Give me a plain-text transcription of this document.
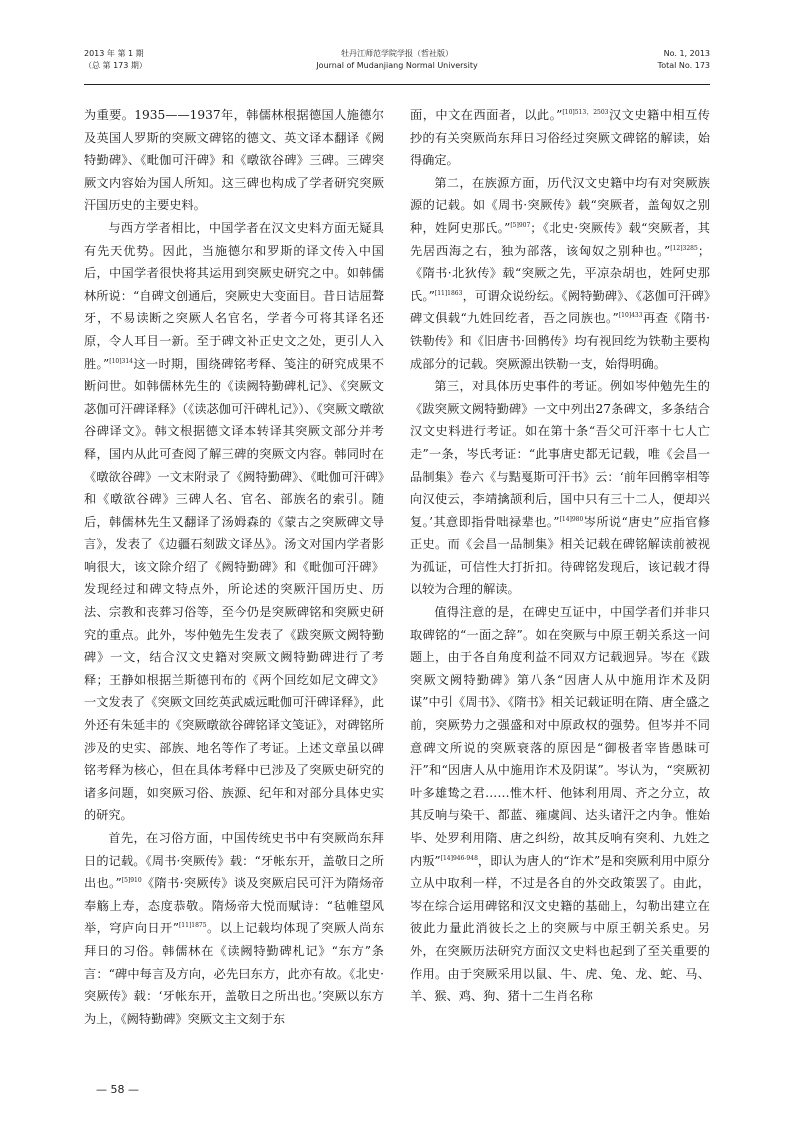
2013 年 第 1 期
（总 第 173 期）
牡丹江师范学院学报（哲社版）
Journal of Mudanjiang Normal University
No. 1, 2013
Total No. 173

为重要。1935——1937年，韩儒林根据德国人施德尔及英国人罗斯的突厥文碑铭的德文、英文译本翻译《阙特勤碑》、《毗伽可汗碑》和《暾欲谷碑》三碑。三碑突厥文内容始为国人所知。这三碑也构成了学者研究突厥汗国历史的主要史料。

与西方学者相比，中国学者在汉文史料方面无疑具有先天优势。因此，当施德尔和罗斯的译文传入中国后，中国学者很快将其运用到突厥史研究之中。如韩儒林所说：“自碑文创通后，突厥史大变面目。昔日诘屈聱牙，不易读断之突厥人名官名，学者今可将其译名还原，令人耳目一新。至于碑文补正史文之处，更引人入胜。”$^{[10]314}$这一时期，围绕碑铭考释、笺注的研究成果不断问世。如韩儒林先生的《读阙特勤碑札记》、《突厥文苾伽可汗碑译释》（《读苾伽可汗碑札记》）、《突厥文暾欲谷碑译文》。韩文根据德文译本转译其突厥文部分并考释，国内从此可查阅了解三碑的突厥文内容。韩同时在《暾欲谷碑》一文末附录了《阙特勤碑》、《毗伽可汗碑》和《暾欲谷碑》三碑人名、官名、部族名的索引。随后，韩儒林先生又翻译了汤姆森的《蒙古之突厥碑文导言》，发表了《边疆石刻跋文译丛》。汤文对国内学者影响很大，该文除介绍了《阙特勤碑》和《毗伽可汗碑》发现经过和碑文特点外，所论述的突厥汗国历史、历法、宗教和丧葬习俗等，至今仍是突厥碑铭和突厥史研究的重点。此外，岑仲勉先生发表了《跋突厥文阙特勤碑》一文，结合汉文史籍对突厥文阙特勤碑进行了考释；王静如根据兰斯德刊布的《两个回纥如尼文碑文》一文发表了《突厥文回纥英武威远毗伽可汗碑译释》，此外还有朱延丰的《突厥暾欲谷碑铭译文笺证》，对碑铭所涉及的史实、部族、地名等作了考证。上述文章虽以碑铭考释为核心，但在具体考释中已涉及了突厥史研究的诸多问题，如突厥习俗、族源、纪年和对部分具体史实的研究。

首先，在习俗方面，中国传统史书中有突厥尚东拜日的记载。《周书·突厥传》载：“牙帐东开，盖敬日之所出也。”$^{[5]910}$《隋书·突厥传》谈及突厥启民可汗为隋炀帝奉觞上寿，态度恭敬。隋炀帝大悦而赋诗：“毡帷望风举，穹庐向日开”$^{[11]1875}$。以上记载均体现了突厥人尚东拜日的习俗。韩儒林在《读阙特勤碑札记》“东方”条言：“碑中每言及方向，必先曰东方，此亦有故。《北史·突厥传》载：‘牙帐东开，盖敬日之所出也。’突厥以东方为上，《阙特勤碑》突厥文主文刻于东

面，中文在西面者，以此。”$^{[10]513,2503}$汉文史籍中相互传抄的有关突厥尚东拜日习俗经过突厥文碑铭的解读，始得确定。

第二，在族源方面，历代汉文史籍中均有对突厥族源的记载。如《周书·突厥传》载“突厥者，盖匈奴之别种，姓阿史那氏。”$^{[5]907}$；《北史·突厥传》载“突厥者，其先居西海之右，独为部落，该匈奴之别种也。”$^{[12]3285}$；《隋书·北狄传》载“突厥之先，平凉杂胡也，姓阿史那氏。”$^{[11]1863}$，可谓众说纷纭。《阙特勤碑》、《苾伽可汗碑》碑文俱载“九姓回纥者，吾之同族也。”$^{[10]433}$再查《隋书·铁勒传》和《旧唐书·回鹘传》均有视回纥为铁勒主要构成部分的记载。突厥源出铁勒一支，始得明确。

第三，对具体历史事件的考证。例如岑仲勉先生的《跋突厥文阙特勤碑》一文中列出27条碑文，多条结合汉文史料进行考证。如在第十条“吾父可汗率十七人亡走”一条，岑氏考证：“此事唐史都无记载，唯《会昌一品制集》卷六《与黠戛斯可汗书》云：‘前年回鹘宰相等向汉使云，李靖擒颉利后，国中只有三十二人，便却兴复。’其意即指骨咄禄辈也。”$^{[14]980}$岑所说“唐史”应指官修正史。而《会昌一品制集》相关记载在碑铭解读前被视为孤证，可信性大打折扣。待碑铭发现后，该记载才得以较为合理的解读。

值得注意的是，在碑史互证中，中国学者们并非只取碑铭的“一面之辞”。如在突厥与中原王朝关系这一问题上，由于各自角度利益不同双方记载迥异。岑在《跋突厥文阙特勤碑》第八条“因唐人从中施用诈术及阴谋”中引《周书》、《隋书》相关记载证明在隋、唐全盛之前，突厥势力之强盛和对中原政权的强势。但岑并不同意碑文所说的突厥衰落的原因是“御极者宰皆愚昧可汗”和“因唐人从中施用诈术及阴谋”。岑认为，“突厥初叶多雄鸷之君……惟木杆、他钵利用周、齐之分立，故其反响与染干、都蓝、雍虞闾、达头诸汗之内争。惟始毕、处罗利用隋、唐之纠纷，故其反响有突利、九姓之内叛”$^{[14]946-948}$，即认为唐人的“诈术”是和突厥利用中原分立从中取利一样，不过是各自的外交政策罢了。由此，岑在综合运用碑铭和汉文史籍的基础上，勾勒出建立在彼此力量此消彼长之上的突厥与中原王朝关系史。另外，在突厥历法研究方面汉文史料也起到了至关重要的作用。由于突厥采用以鼠、牛、虎、兔、龙、蛇、马、羊、猴、鸡、狗、猪十二生肖名称

— 58 —
